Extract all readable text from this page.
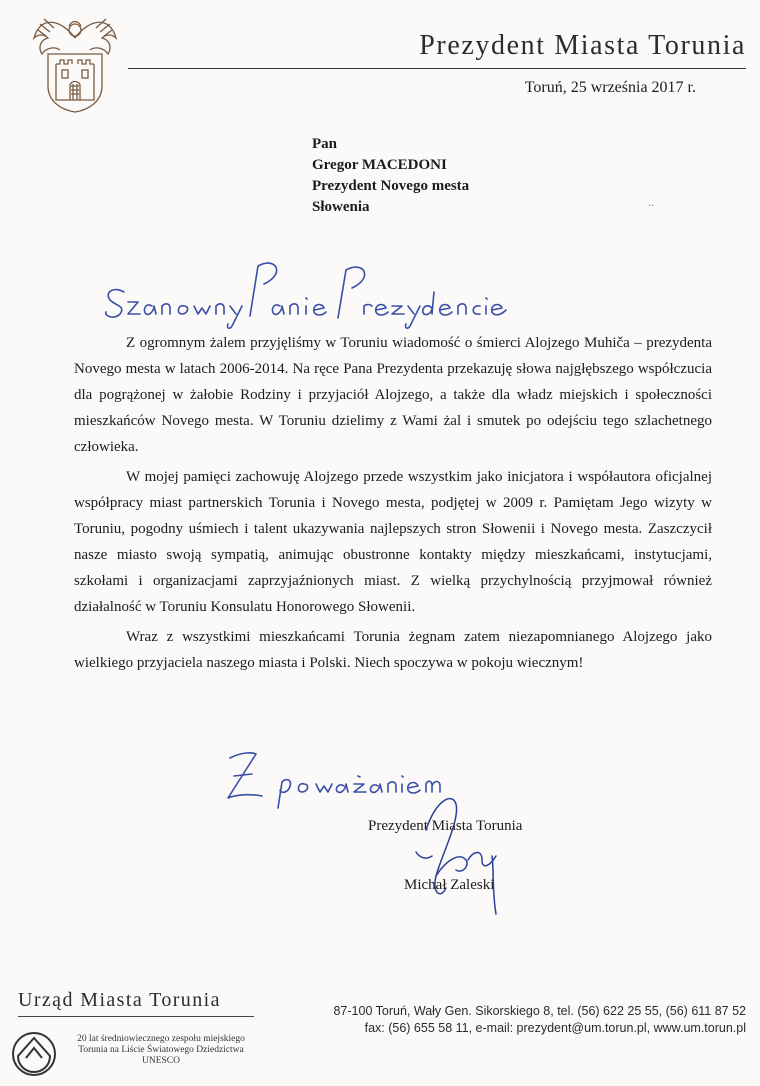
Prezydent Miasta Torunia
Toruń, 25 września 2017 r.
Pan
Gregor MACEDONI
Prezydent Novego mesta
Słowenia	..

Z ogromnym żalem przyjęliśmy w Toruniu wiadomość o śmierci Alojzego Muhiča – prezydenta Novego mesta w latach 2006-2014. Na ręce Pana Prezydenta przekazuję słowa najgłębszego współczucia dla pogrążonej w żałobie Rodziny i przyjaciół Alojzego, a także dla władz miejskich i społeczności mieszkańców Novego mesta. W Toruniu dzielimy z Wami żal i smutek po odejściu tego szlachetnego człowieka.

W mojej pamięci zachowuję Alojzego przede wszystkim jako inicjatora i współautora oficjalnej współpracy miast partnerskich Torunia i Novego mesta, podjętej w 2009 r. Pamiętam Jego wizyty w Toruniu, pogodny uśmiech i talent ukazywania najlepszych stron Słowenii i Novego mesta. Zaszczycił nasze miasto swoją sympatią, animując obustronne kontakty między mieszkańcami, instytucjami, szkołami i organizacjami zaprzyjaźnionych miast. Z wielką przychylnością przyjmował również działalność w Toruniu Konsulatu Honorowego Słowenii.

Wraz z wszystkimi mieszkańcami Torunia żegnam zatem niezapomnianego Alojzego jako wielkiego przyjaciela naszego miasta i Polski. Niech spoczywa w pokoju wiecznym!

Prezydent Miasta Torunia
Michał Zaleski
Urząd Miasta Torunia	87-100 Toruń, Wały Gen. Sikorskiego 8, tel. (56) 622 25 55, (56) 611 87 52
fax: (56) 655 58 11, e-mail: prezydent@um.torun.pl, www.um.torun.pl
20 lat średniowiecznego zespołu miejskiego
Torunia na Liście Światowego Dziedzictwa
UNESCO
